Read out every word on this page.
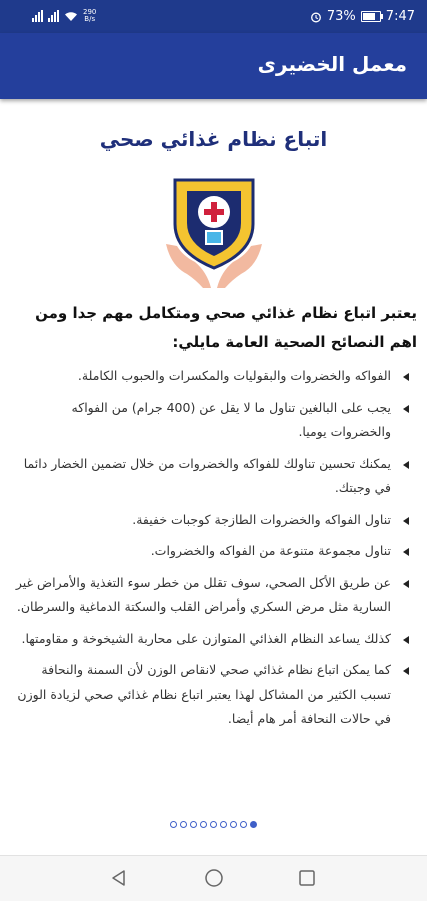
290
B/s	73% 7:47
معمل الخضيرى
اتباع نظام غذائي صحي
يعتبر اتباع نظام غذائي صحي ومتكامل مهم جدا ومن اهم النصائح الصحية العامة مايلي:
الفواكه والخضروات والبقوليات والمكسرات والحبوب الكاملة.
يجب على البالغين تناول ما لا يقل عن (400 جرام) من الفواكه والخضروات يوميا.
يمكنك تحسين تناولك للفواكه والخضروات من خلال تضمين الخضار دائما في وجبتك.
تناول الفواكه والخضروات الطازجة كوجبات خفيفة.
تناول مجموعة متنوعة من الفواكه والخضروات.
عن طريق الأكل الصحي، سوف تقلل من خطر سوء التغذية والأمراض غير السارية مثل مرض السكري وأمراض القلب والسكتة الدماغية والسرطان.
كذلك يساعد النظام الغذائي المتوازن على محاربة الشيخوخة و مقاومتها.
كما يمكن اتباع نظام غذائي صحي لانقاص الوزن لأن السمنة والنحافة تسبب الكثير من المشاكل لهذا يعتبر اتباع نظام غذائي صحي لزيادة الوزن في حالات النحافة أمر هام أيضا.
